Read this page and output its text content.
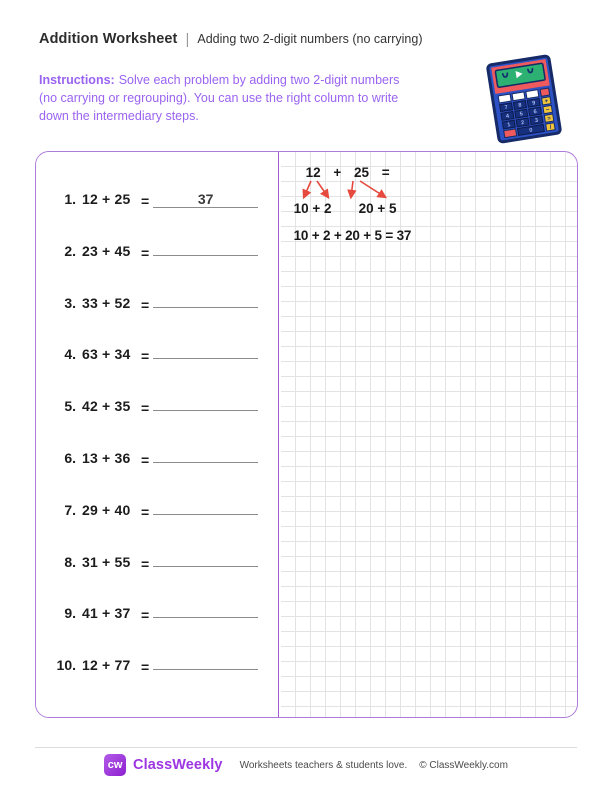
Addition Worksheet | Adding two 2-digit numbers (no carrying)
Instructions: Solve each problem by adding two 2-digit numbers
(no carrying or regrouping). You can use the right column to write
down the intermediary steps.
7 8 9
4 5 6
1 2 3
0
+
−
=
/
1. 12 + 25 =	37
2. 23 + 45 =
3. 33 + 52 =
4. 63 + 34 =
5. 42 + 35 =
6. 13 + 36 =
7. 29 + 40 =
8. 31 + 55 =
9. 41 + 37 =
10. 12 + 77 =
12 + 25 =
10 + 2 20 + 5
10 + 2 + 20 + 5 = 37
cw ClassWeekly Worksheets teachers & students love. © ClassWeekly.com
